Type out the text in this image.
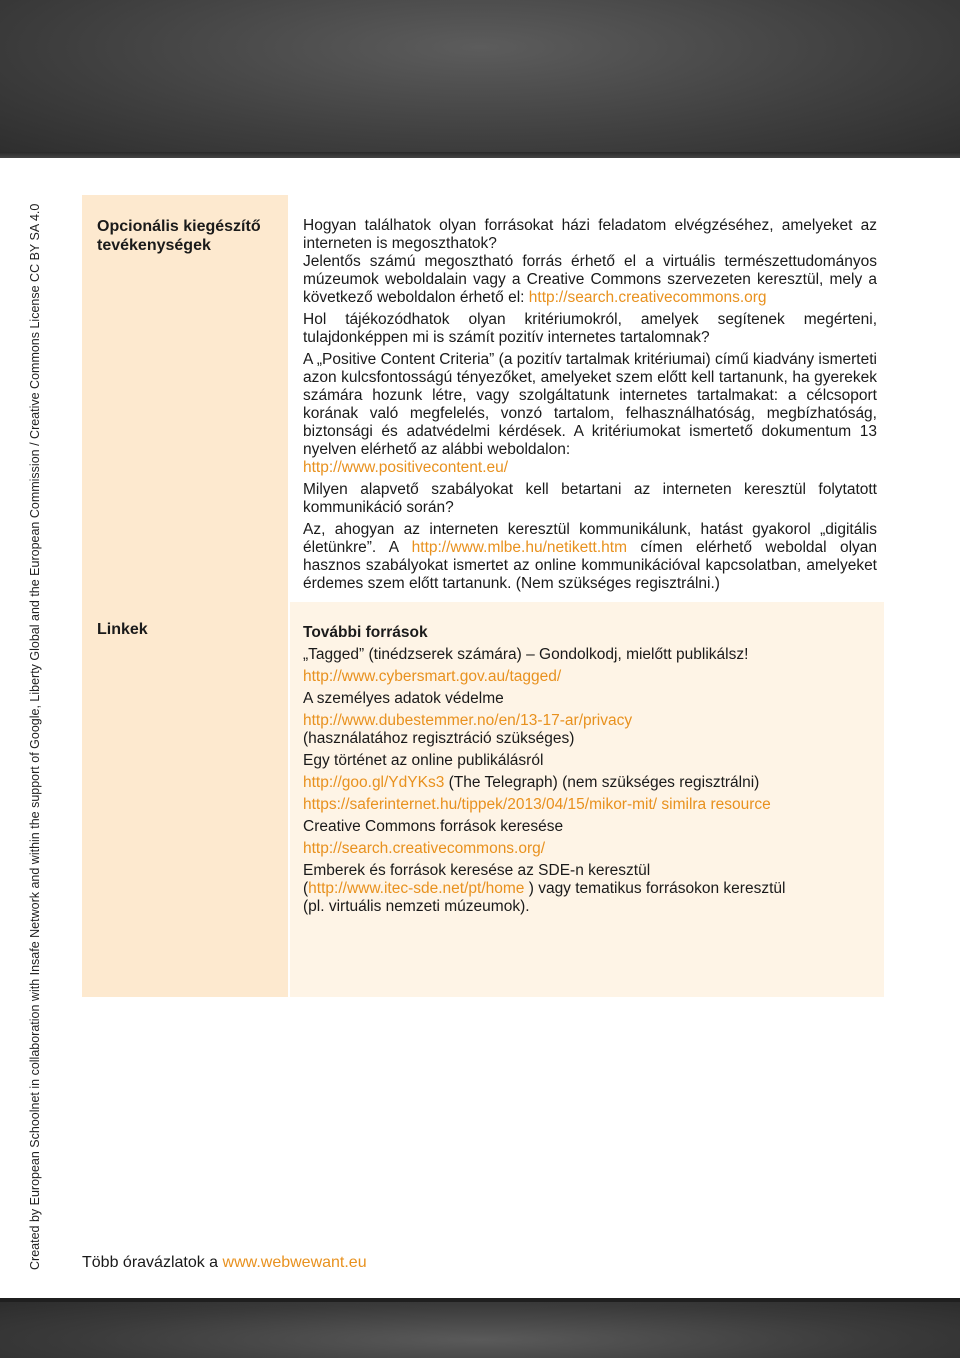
Created by European Schoolnet in collaboration with Insafe Network and within the support of Google, Liberty Global and the European Commission / Creative Commons License CC BY SA 4.0	Opcionális kiegészítő tevékenységek
Linkek

Hogyan találhatok olyan forrásokat házi feladatom elvégzéséhez, amelyeket az interneten is megoszthatok?

Jelentős számú megosztható forrás érhető el a virtuális természettudományos múzeumok weboldalain vagy a Creative Commons szervezeten keresztül, mely a következő weboldalon érhető el: http://search.creativecommons.org

Hol tájékozódhatok olyan kritériumokról, amelyek segítenek megérteni, tulajdonképpen mi is számít pozitív internetes tartalomnak?

A „Positive Content Criteria” (a pozitív tartalmak kritériumai) című kiadvány ismerteti azon kulcsfontosságú tényezőket, amelyeket szem előtt kell tartanunk, ha gyerekek számára hozunk létre, vagy szolgáltatunk internetes tartalmakat: a célcsoport korának való megfelelés, vonzó tartalom, felhasználhatóság, megbízhatóság, biztonsági és adatvédelmi kérdések. A kritériumokat ismertető dokumentum 13 nyelven elérhető az alábbi weboldalon:

http://www.positivecontent.eu/

Milyen alapvető szabályokat kell betartani az interneten keresztül folytatott kommunikáció során?

Az, ahogyan az interneten keresztül kommunikálunk, hatást gyakorol „digitális életünkre”. A http://www.mlbe.hu/netikett.htm címen elérhető weboldal olyan hasznos szabályokat ismertet az online kommunikációval kapcsolatban, amelyeket érdemes szem előtt tartanunk. (Nem szükséges regisztrálni.)

További források

„Tagged” (tinédzserek számára) – Gondolkodj, mielőtt publikálsz!

http://www.cybersmart.gov.au/tagged/

A személyes adatok védelme

http://www.dubestemmer.no/en/13-17-ar/privacy

(használatához regisztráció szükséges)

Egy történet az online publikálásról

http://goo.gl/YdYKs3 (The Telegraph) (nem szükséges regisztrálni)

https://saferinternet.hu/tippek/2013/04/15/mikor-mit/ similra resource

Creative Commons források keresése

http://search.creativecommons.org/

Emberek és források keresése az SDE-n keresztül

(http://www.itec-sde.net/pt/home ) vagy tematikus forrásokon keresztül

(pl. virtuális nemzeti múzeumok).

Több óravázlatok a www.webwewant.eu
